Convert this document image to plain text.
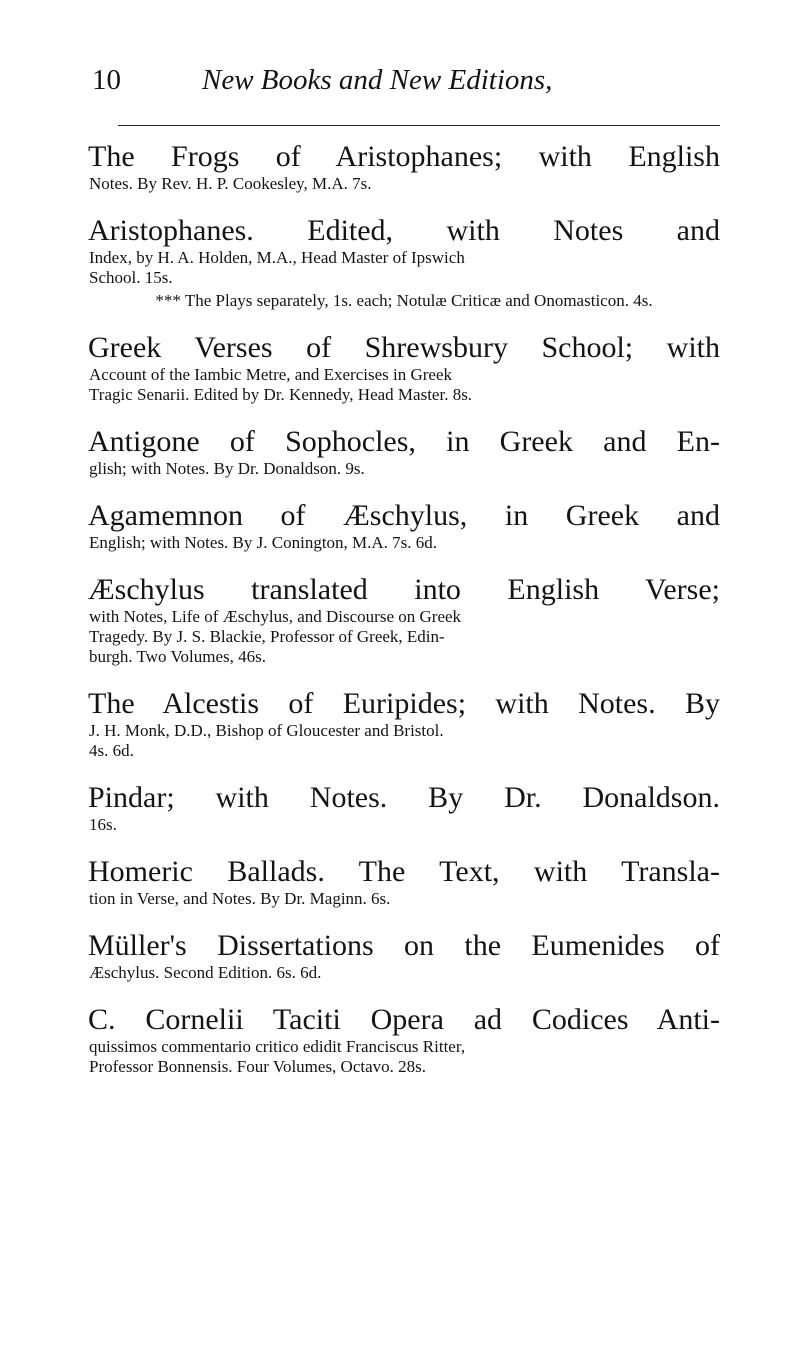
10	New Books and New Editions,
The Frogs of Aristophanes; with English
Notes. By Rev. H. P. Cookesley, M.A. 7s.
Aristophanes. Edited, with Notes and
Index, by H. A. Holden, M.A., Head Master of Ipswich
School. 15s.
*** The Plays separately, 1s. each; Notulæ Criticæ and Onomasticon. 4s.
Greek Verses of Shrewsbury School; with
Account of the Iambic Metre, and Exercises in Greek
Tragic Senarii. Edited by Dr. Kennedy, Head Master. 8s.
Antigone of Sophocles, in Greek and En-
glish; with Notes. By Dr. Donaldson. 9s.
Agamemnon of Æschylus, in Greek and
English; with Notes. By J. Conington, M.A. 7s. 6d.
Æschylus translated into English Verse;
with Notes, Life of Æschylus, and Discourse on Greek
Tragedy. By J. S. Blackie, Professor of Greek, Edin-
burgh. Two Volumes, 46s.
The Alcestis of Euripides; with Notes. By
J. H. Monk, D.D., Bishop of Gloucester and Bristol.
4s. 6d.
Pindar; with Notes. By Dr. Donaldson.
16s.
Homeric Ballads. The Text, with Transla-
tion in Verse, and Notes. By Dr. Maginn. 6s.
Müller's Dissertations on the Eumenides of
Æschylus. Second Edition. 6s. 6d.
C. Cornelii Taciti Opera ad Codices Anti-
quissimos commentario critico edidit Franciscus Ritter,
Professor Bonnensis. Four Volumes, Octavo. 28s.
